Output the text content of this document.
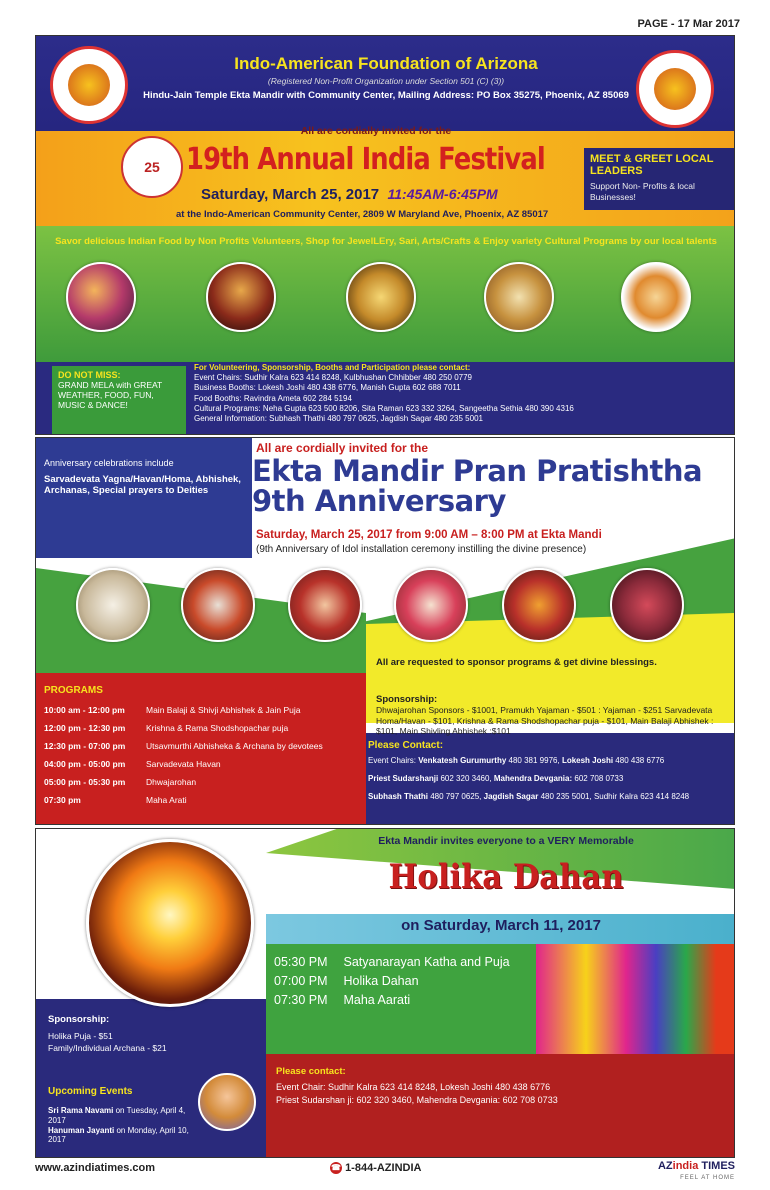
PAGE - 17 Mar 2017
Indo-American Foundation of Arizona
(Registered Non-Profit Organization under Section 501 (C) (3))
Hindu-Jain Temple Ekta Mandir with Community Center, Mailing Address: PO Box 35275, Phoenix, AZ 85069
All are cordially invited for the
25 19th Annual India Festival
Saturday, March 25, 2017 11:45AM-6:45PM
at the Indo-American Community Center, 2809 W Maryland Ave, Phoenix, AZ 85017
MEET & GREET LOCAL LEADERS
Support Non- Profits & local Businesses!
Savor delicious Indian Food by Non Profits Volunteers, Shop for JewelLEry, Sari, Arts/Crafts & Enjoy variety Cultural Programs by our local talents
DO NOT MISS:
GRAND MELA with GREAT WEATHER, FOOD, FUN, MUSIC & DANCE!
For Volunteering, Sponsorship, Booths and Participation please contact:
Event Chairs: Sudhir Kalra 623 414 8248, Kulbhushan Chhibber 480 250 0779
Business Booths: Lokesh Joshi 480 438 6776, Manish Gupta 602 688 7011
Food Booths: Ravindra Ameta 602 284 5194
Cultural Programs: Neha Gupta 623 500 8206, Sita Raman 623 332 3264, Sangeetha Sethia 480 390 4316
General Information: Subhash Thathi 480 797 0625, Jagdish Sagar 480 235 5001
Anniversary celebrations include
Sarvadevata Yagna/Havan/Homa, Abhishek, Archanas, Special prayers to Deities
All are cordially invited for the
Ekta Mandir Pran Pratishtha 9th Anniversary
Saturday, March 25, 2017 from 9:00 AM – 8:00 PM at Ekta Mandi
(9th Anniversary of Idol installation ceremony instilling the divine presence)
PROGRAMS
10:00 am - 12:00 pm	Main Balaji & Shivji Abhishek & Jain Puja
12:00 pm - 12:30 pm	Krishna & Rama Shodshopachar puja
12:30 pm - 07:00 pm	Utsavmurthi Abhisheka & Archana by devotees
04:00 pm - 05:00 pm	Sarvadevata Havan
05:00 pm - 05:30 pm	Dhwajarohan
07:30 pm	Maha Arati
All are requested to sponsor programs & get divine blessings.
Sponsorship:
Dhwajarohan Sponsors - $1001, Pramukh Yajaman - $501 : Yajaman - $251 Sarvadevata Homa/Havan - $101, Krishna & Rama Shodshopachar puja - $101, Main Balaji Abhishek : $101, Main Shivling Abhishek :$101
Please Contact:
Event Chairs: Venkatesh Gurumurthy 480 381 9976, Lokesh Joshi 480 438 6776
Priest Sudarshanji 602 320 3460, Mahendra Devgania: 602 708 0733
Subhash Thathi 480 797 0625, Jagdish Sagar 480 235 5001, Sudhir Kalra 623 414 8248
Ekta Mandir invites everyone to a VERY Memorable
Holika Dahan
on Saturday, March 11, 2017
05:30 PM Satyanarayan Katha and Puja
07:00 PM Holika Dahan
07:30 PM Maha Aarati
Sponsorship:
Holika Puja - $51
Family/Individual Archana - $21
Upcoming Events
Sri Rama Navami on Tuesday, April 4, 2017
Hanuman Jayanti on Monday, April 10, 2017
Please contact:
Event Chair: Sudhir Kalra 623 414 8248, Lokesh Joshi 480 438 6776
Priest Sudarshan ji: 602 320 3460, Mahendra Devgania: 602 708 0733
www.azindiatimes.com	☎ 1-844-AZINDIA	AZindia TIMES
FEEL AT HOME
